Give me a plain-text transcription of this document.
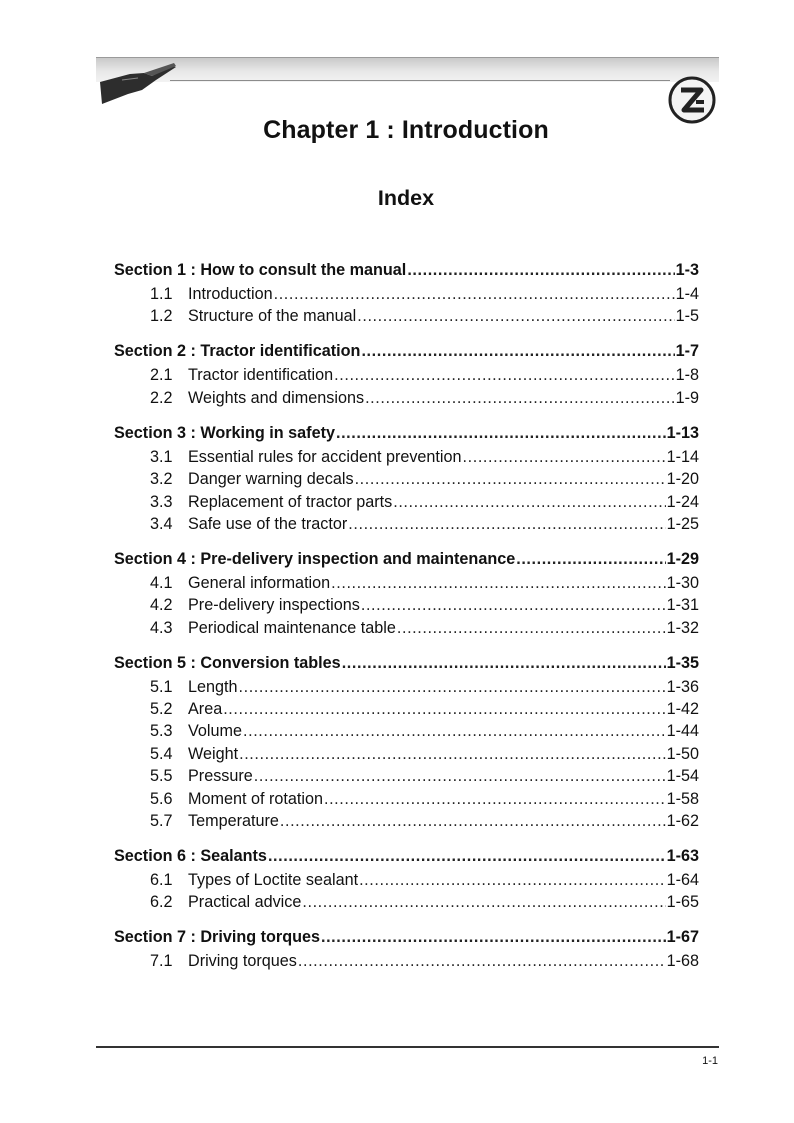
Chapter 1 : Introduction
Index
Section 1 : How to consult the manual .....	1-3
1.1 Introduction .....	1-4
1.2 Structure of the manual .....	1-5
Section 2 : Tractor identification .....	1-7
2.1 Tractor identification .....	1-8
2.2 Weights and dimensions .....	1-9
Section 3 : Working in safety .....	1-13
3.1 Essential rules for accident prevention .....	1-14
3.2 Danger warning decals .....	1-20
3.3 Replacement of tractor parts .....	1-24
3.4 Safe use of the tractor .....	1-25
Section 4 : Pre-delivery inspection and maintenance .....	1-29
4.1 General information .....	1-30
4.2 Pre-delivery inspections .....	1-31
4.3 Periodical maintenance table .....	1-32
Section 5 : Conversion tables .....	1-35
5.1 Length .....	1-36
5.2 Area .....	1-42
5.3 Volume .....	1-44
5.4 Weight .....	1-50
5.5 Pressure .....	1-54
5.6 Moment of rotation .....	1-58
5.7 Temperature .....	1-62
Section 6 : Sealants .....	1-63
6.1 Types of Loctite sealant .....	1-64
6.2 Practical advice .....	1-65
Section 7 : Driving torques .....	1-67
7.1 Driving torques .....	1-68
1-1
